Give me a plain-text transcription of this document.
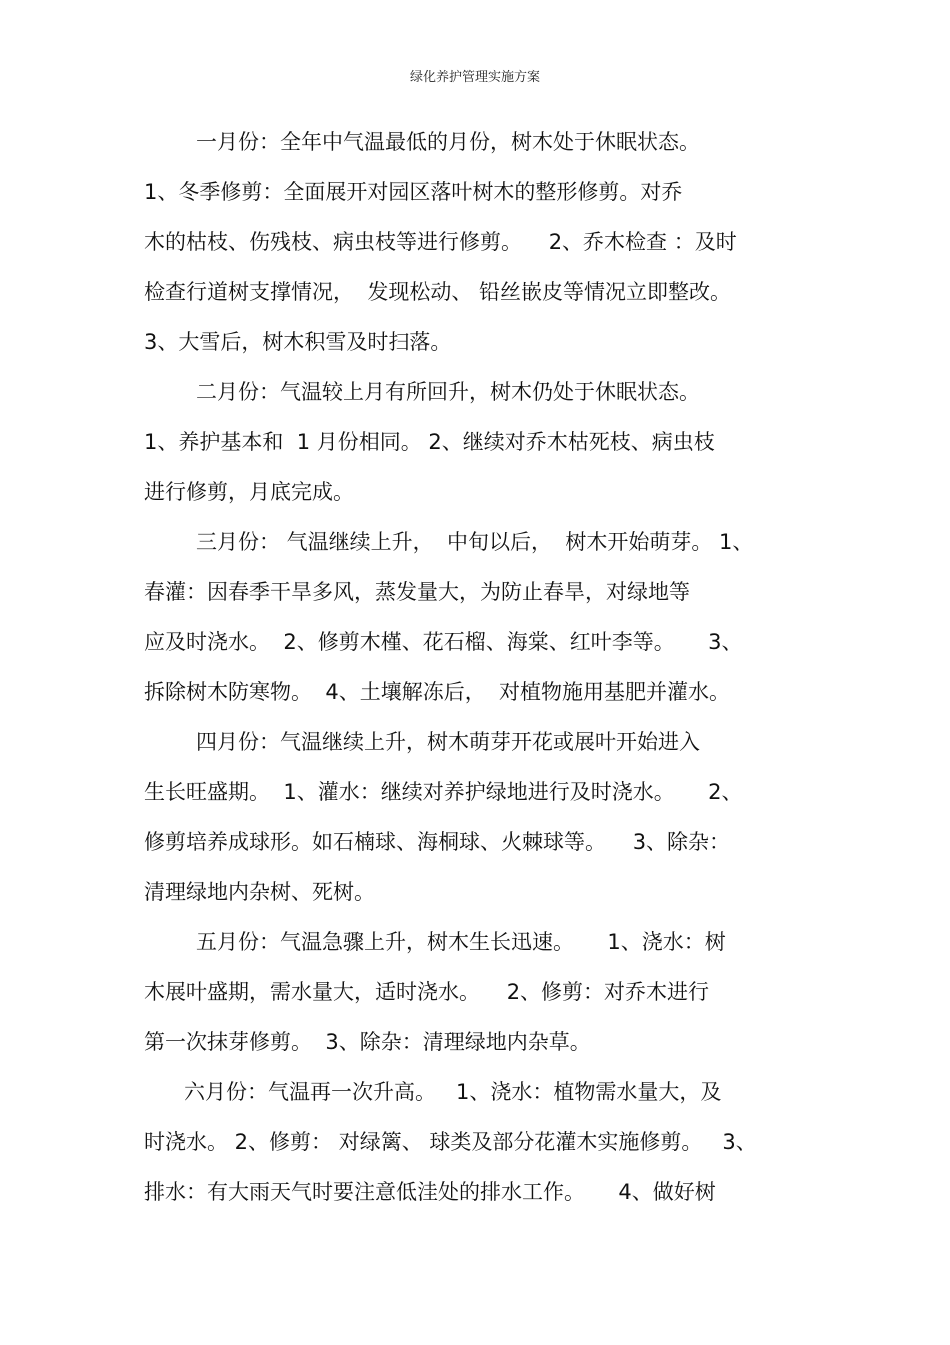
绿化养护管理实施方案
一月份：全年中气温最低的月份，树木处于休眠状态。
1、冬季修剪：全面展开对园区落叶树木的整形修剪。对乔
木的枯枝、伤残枝、病虫枝等进行修剪。    2、乔木检查 ：及时
检查行道树支撑情况，  发现松动、 铅丝嵌皮等情况立即整改。
3、大雪后，树木积雪及时扫落。
二月份：气温较上月有所回升，树木仍处于休眠状态。
1、养护基本和  1 月份相同。 2、继续对乔木枯死枝、病虫枝
进行修剪，月底完成。
三月份： 气温继续上升，  中旬以后，  树木开始萌芽。 1、
春灌：因春季干旱多风，蒸发量大，为防止春旱，对绿地等
应及时浇水。  2、修剪木槿、花石榴、海棠、红叶李等。     3、
拆除树木防寒物。  4、土壤解冻后，  对植物施用基肥并灌水。
四月份：气温继续上升，树木萌芽开花或展叶开始进入
生长旺盛期。  1、灌水：继续对养护绿地进行及时浇水。     2、
修剪培养成球形。如石楠球、海桐球、火棘球等。    3、除杂：
清理绿地内杂树、死树。
五月份：气温急骤上升，树木生长迅速。     1、浇水：树
木展叶盛期，需水量大，适时浇水。    2、修剪：对乔木进行
第一次抹芽修剪。  3、除杂：清理绿地内杂草。
六月份：气温再一次升高。   1、浇水：植物需水量大，及
时浇水。 2、修剪： 对绿篱、 球类及部分花灌木实施修剪。   3、
排水：有大雨天气时要注意低洼处的排水工作。     4、做好树
